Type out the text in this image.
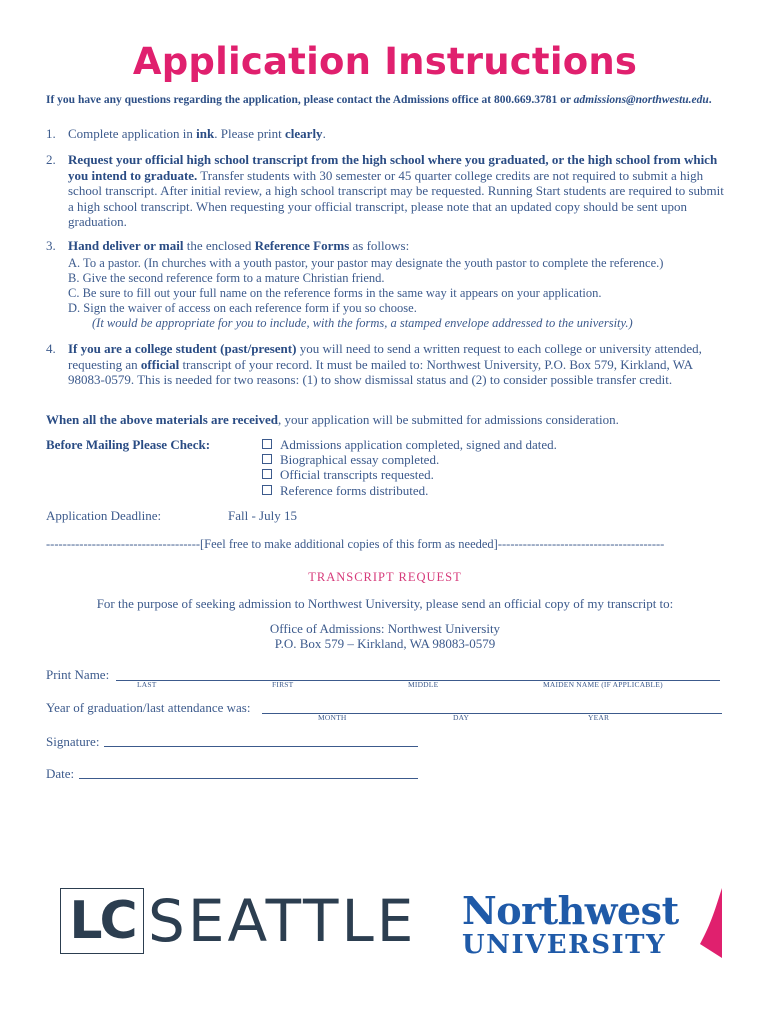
Application Instructions
If you have any questions regarding the application, please contact the Admissions office at 800.669.3781 or admissions@northwestu.edu.
1. Complete application in ink. Please print clearly.
2. Request your official high school transcript from the high school where you graduated, or the high school from which you intend to graduate. Transfer students with 30 semester or 45 quarter college credits are not required to submit a high school transcript. After initial review, a high school transcript may be requested. Running Start students are required to submit a high school transcript. When requesting your official transcript, please note that an updated copy should be sent upon graduation.
3. Hand deliver or mail the enclosed Reference Forms as follows:
A. To a pastor. (In churches with a youth pastor, your pastor may designate the youth pastor to complete the reference.)
B. Give the second reference form to a mature Christian friend.
C. Be sure to fill out your full name on the reference forms in the same way it appears on your application.
D. Sign the waiver of access on each reference form if you so choose.
(It would be appropriate for you to include, with the forms, a stamped envelope addressed to the university.)
4. If you are a college student (past/present) you will need to send a written request to each college or university attended, requesting an official transcript of your record. It must be mailed to: Northwest University, P.O. Box 579, Kirkland, WA 98083-0579. This is needed for two reasons: (1) to show dismissal status and (2) to consider possible transfer credit.
When all the above materials are received, your application will be submitted for admissions consideration.
Before Mailing Please Check:	Admissions application completed, signed and dated.
Biographical essay completed.
Official transcripts requested.
Reference forms distributed.
Application Deadline:	Fall - July 15
-------------------------------------[Feel free to make additional copies of this form as needed]----------------------------------------
TRANSCRIPT REQUEST
For the purpose of seeking admission to Northwest University, please send an official copy of my transcript to:
Office of Admissions: Northwest University
P.O. Box 579 – Kirkland, WA 98083-0579
Print Name:
LAST	FIRST	MIDDLE	MAIDEN NAME (IF APPLICABLE)
Year of graduation/last attendance was:
MONTH	DAY	YEAR
Signature:
Date:
LC SEATTLE Northwest
UNIVERSITY
